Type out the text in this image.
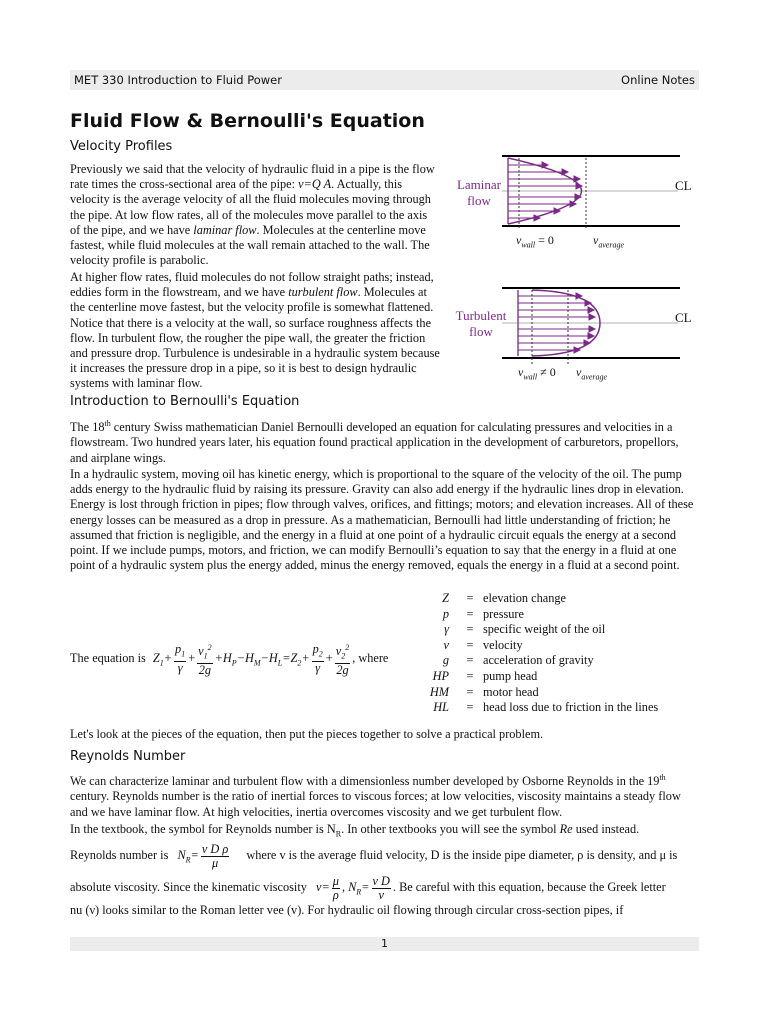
MET 330 Introduction to Fluid Power	Online Notes
Fluid Flow & Bernoulli's Equation
Velocity Profiles
Previously we said that the velocity of hydraulic fluid in a pipe is the flow rate times the cross-sectional area of the pipe: v=Q A. Actually, this velocity is the average velocity of all the fluid molecules moving through the pipe. At low flow rates, all of the molecules move parallel to the axis of the pipe, and we have laminar flow. Molecules at the centerline move fastest, while fluid molecules at the wall remain attached to the wall. The velocity profile is parabolic.
At higher flow rates, fluid molecules do not follow straight paths; instead, eddies form in the flowstream, and we have turbulent flow. Molecules at the centerline move fastest, but the velocity profile is somewhat flattened. Notice that there is a velocity at the wall, so surface roughness affects the flow. In turbulent flow, the rougher the pipe wall, the greater the friction and pressure drop. Turbulence is undesirable in a hydraulic system because it increases the pressure drop in a pipe, so it is best to design hydraulic systems with laminar flow.
Laminar
flow
CL
$v_{wall} = 0$	$v_{average}$
Turbulent
flow
CL
$v_{wall} \ne 0$ $v_{average}$
Introduction to Bernoulli's Equation
The 18th century Swiss mathematician Daniel Bernoulli developed an equation for calculating pressures and velocities in a flowstream. Two hundred years later, his equation found practical application in the development of carburetors, propellors, and airplane wings.
In a hydraulic system, moving oil has kinetic energy, which is proportional to the square of the velocity of the oil. The pump adds energy to the hydraulic fluid by raising its pressure. Gravity can also add energy if the hydraulic lines drop in elevation. Energy is lost through friction in pipes; flow through valves, orifices, and fittings; motors; and elevation increases. All of these energy losses can be measured as a drop in pressure. As a mathematician, Bernoulli had little understanding of friction; he assumed that friction is negligible, and the energy in a fluid at one point of a hydraulic circuit equals the energy at a second point. If we include pumps, motors, and friction, we can modify Bernoulli’s equation to say that the energy in a fluid at one point of a hydraulic system plus the energy added, minus the energy removed, equals the energy in a fluid at a second point.
The equation is $Z_1+ \frac{p_1}{\gamma} + \frac{v_1^2}{2g} +H_P-H_M-H_L=Z_2+ \frac{p_2}{\gamma} + \frac{v_2^2}{2g}$ , where
Z	=	elevation change
p	=	pressure
γ	=	specific weight of the oil
v	=	velocity
g	=	acceleration of gravity
HP	=	pump head
HM	=	motor head
HL	=	head loss due to friction in the lines
Let's look at the pieces of the equation, then put the pieces together to solve a practical problem.
Reynolds Number
We can characterize laminar and turbulent flow with a dimensionless number developed by Osborne Reynolds in the 19th century. Reynolds number is the ratio of inertial forces to viscous forces; at low velocities, viscosity maintains a steady flow and we have laminar flow. At high velocities, inertia overcomes viscosity and we get turbulent flow.
In the textbook, the symbol for Reynolds number is $N_R$. In other textbooks you will see the symbol Re used instead.
Reynolds number is $N_R= \frac{\text{v D ρ}}{\mu}$ where v is the average fluid velocity, D is the inside pipe diameter, ρ is density, and μ is
absolute viscosity. Since the kinematic viscosity $\nu= \frac{\mu}{\rho}$ , $N_R= \frac{\text{v D}}{\nu}$ . Be careful with this equation, because the Greek letter
nu (ν) looks similar to the Roman letter vee (v). For hydraulic oil flowing through circular cross-section pipes, if
1
